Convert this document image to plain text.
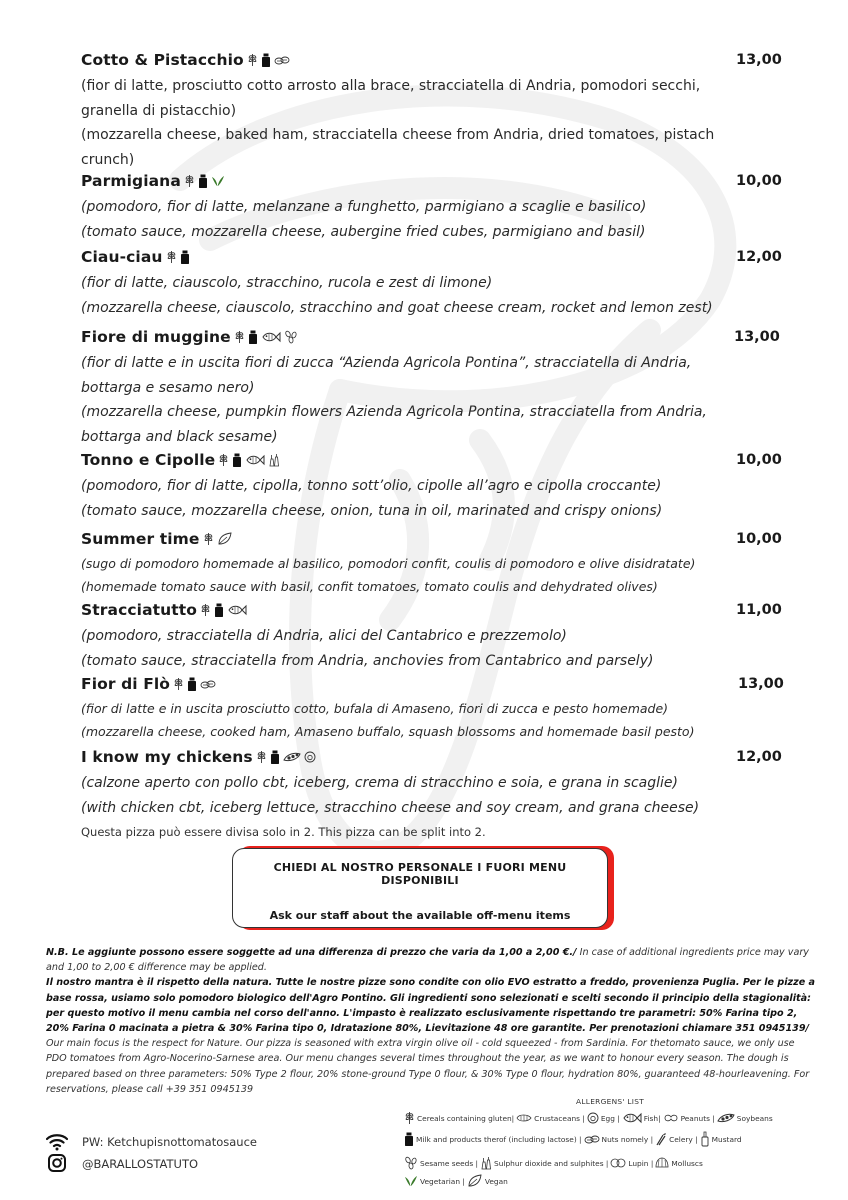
Cotto & Pistacchio	13,00
(fior di latte, prosciutto cotto arrosto alla brace, stracciatella di Andria, pomodori secchi,
granella di pistacchio)
(mozzarella cheese, baked ham, stracciatella cheese from Andria, dried tomatoes, pistach
crunch)
Parmigiana	10,00
(pomodoro, fior di latte, melanzane a funghetto, parmigiano a scaglie e basilico)
(tomato sauce, mozzarella cheese, aubergine fried cubes, parmigiano and basil)
Ciau-ciau	12,00
(fior di latte, ciauscolo, stracchino, rucola e zest di limone)
(mozzarella cheese, ciauscolo, stracchino and goat cheese cream, rocket and lemon zest)
Fiore di muggine	13,00
(fior di latte e in uscita fiori di zucca “Azienda Agricola Pontina”, stracciatella di Andria,
bottarga e sesamo nero)
(mozzarella cheese, pumpkin flowers Azienda Agricola Pontina, stracciatella from Andria,
bottarga and black sesame)
Tonno e Cipolle	10,00
(pomodoro, fior di latte, cipolla, tonno sott’olio, cipolle all’agro e cipolla croccante)
(tomato sauce, mozzarella cheese, onion, tuna in oil, marinated and crispy onions)
Summer time	10,00
(sugo di pomodoro homemade al basilico, pomodori confit, coulis di pomodoro e olive disidratate)
(homemade tomato sauce with basil, confit tomatoes, tomato coulis and dehydrated olives)
Stracciatutto	11,00
(pomodoro, stracciatella di Andria, alici del Cantabrico e prezzemolo)
(tomato sauce, stracciatella from Andria, anchovies from Cantabrico and parsely)
Fior di Flò	13,00
(fior di latte e in uscita prosciutto cotto, bufala di Amaseno, fiori di zucca e pesto homemade)
(mozzarella cheese, cooked ham, Amaseno buffalo, squash blossoms and homemade basil pesto)
I know my chickens	12,00
(calzone aperto con pollo cbt, iceberg, crema di stracchino e soia, e grana in scaglie)
(with chicken cbt, iceberg lettuce, stracchino cheese and soy cream, and grana cheese)
Questa pizza può essere divisa solo in 2. This pizza can be split into 2.
CHIEDI AL NOSTRO PERSONALE I FUORI MENU DISPONIBILI
Ask our staff about the available off-menu items
N.B. Le aggiunte possono essere soggette ad una differenza di prezzo che varia da 1,00 a 2,00 €./ In case of additional ingredients price may vary and 1,00 to 2,00 € difference may be applied.
Il nostro mantra è il rispetto della natura. Tutte le nostre pizze sono condite con olio EVO estratto a freddo, provenienza Puglia. Per le pizze a base rossa, usiamo solo pomodoro biologico dell'Agro Pontino. Gli ingredienti sono selezionati e scelti secondo il principio della stagionalità: per questo motivo il menu cambia nel corso dell'anno. L'impasto è realizzato esclusivamente rispettando tre parametri: 50% Farina tipo 2, 20% Farina 0 macinata a pietra & 30% Farina tipo 0, Idratazione 80%, Lievitazione 48 ore garantite. Per prenotazioni chiamare 351 0945139/
Our main focus is the respect for Nature. Our pizza is seasoned with extra virgin olive oil - cold squeezed - from Sardinia. For thetomato sauce, we only use PDO tomatoes from Agro-Nocerino-Sarnese area. Our menu changes several times throughout the year, as we want to honour every season. The dough is prepared based on three parameters: 50% Type 2 flour, 20% stone-ground Type 0 flour, & 30% Type 0 flour, hydration 80%, guaranteed 48-hourleavening. For reservations, please call +39 351 0945139
ALLERGENS' LIST
Cereals containing gluten|	Crustaceans | Egg |	Fish|	Peanuts |	Soybeans
Milk and products therof (including lactose) |	Nuts nomely | Celery | Mustard
Sesame seeds | Sulphur dioxide and sulphites |	Lupin | Molluscs
Vegetarian |	Vegan
PW: Ketchupisnottomatosauce
@BARALLOSTATUTO
